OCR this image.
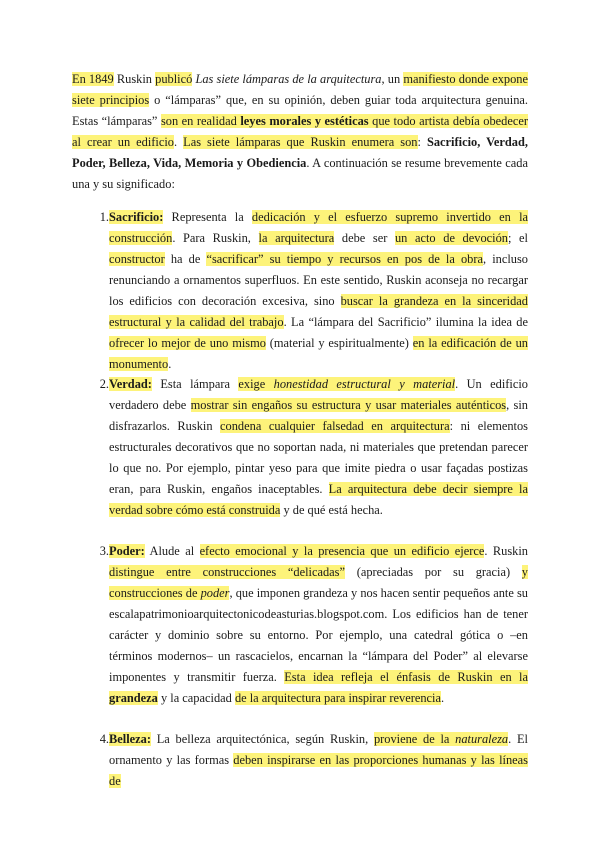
En 1849 Ruskin publicó Las siete lámparas de la arquitectura, un manifiesto donde expone siete principios o “lámparas” que, en su opinión, deben guiar toda arquitectura genuina. Estas “lámparas” son en realidad leyes morales y estéticas que todo artista debía obedecer al crear un edificio. Las siete lámparas que Ruskin enumera son: Sacrificio, Verdad, Poder, Belleza, Vida, Memoria y Obediencia. A continuación se resume brevemente cada una y su significado:

1. Sacrificio: Representa la dedicación y el esfuerzo supremo invertido en la construcción. Para Ruskin, la arquitectura debe ser un acto de devoción; el constructor ha de “sacrificar” su tiempo y recursos en pos de la obra, incluso renunciando a ornamentos superfluos. En este sentido, Ruskin aconseja no recargar los edificios con decoración excesiva, sino buscar la grandeza en la sinceridad estructural y la calidad del trabajo. La “lámpara del Sacrificio” ilumina la idea de ofrecer lo mejor de uno mismo (material y espiritualmente) en la edificación de un monumento.
2. Verdad: Esta lámpara exige honestidad estructural y material. Un edificio verdadero debe mostrar sin engaños su estructura y usar materiales auténticos, sin disfrazarlos. Ruskin condena cualquier falsedad en arquitectura: ni elementos estructurales decorativos que no soportan nada, ni materiales que pretendan parecer lo que no. Por ejemplo, pintar yeso para que imite piedra o usar façadas postizas eran, para Ruskin, engaños inaceptables. La arquitectura debe decir siempre la verdad sobre cómo está construida y de qué está hecha.
3. Poder: Alude al efecto emocional y la presencia que un edificio ejerce. Ruskin distingue entre construcciones “delicadas” (apreciadas por su gracia) y construcciones de poder, que imponen grandeza y nos hacen sentir pequeños ante su escalapatrimonioarquitectonicodeasturias.blogspot.com. Los edificios han de tener carácter y dominio sobre su entorno. Por ejemplo, una catedral gótica o –en términos modernos– un rascacielos, encarnan la “lámpara del Poder” al elevarse imponentes y transmitir fuerza. Esta idea refleja el énfasis de Ruskin en la grandeza y la capacidad de la arquitectura para inspirar reverencia.
4. Belleza: La belleza arquitectónica, según Ruskin, proviene de la naturaleza. El ornamento y las formas deben inspirarse en las proporciones humanas y las líneas de
